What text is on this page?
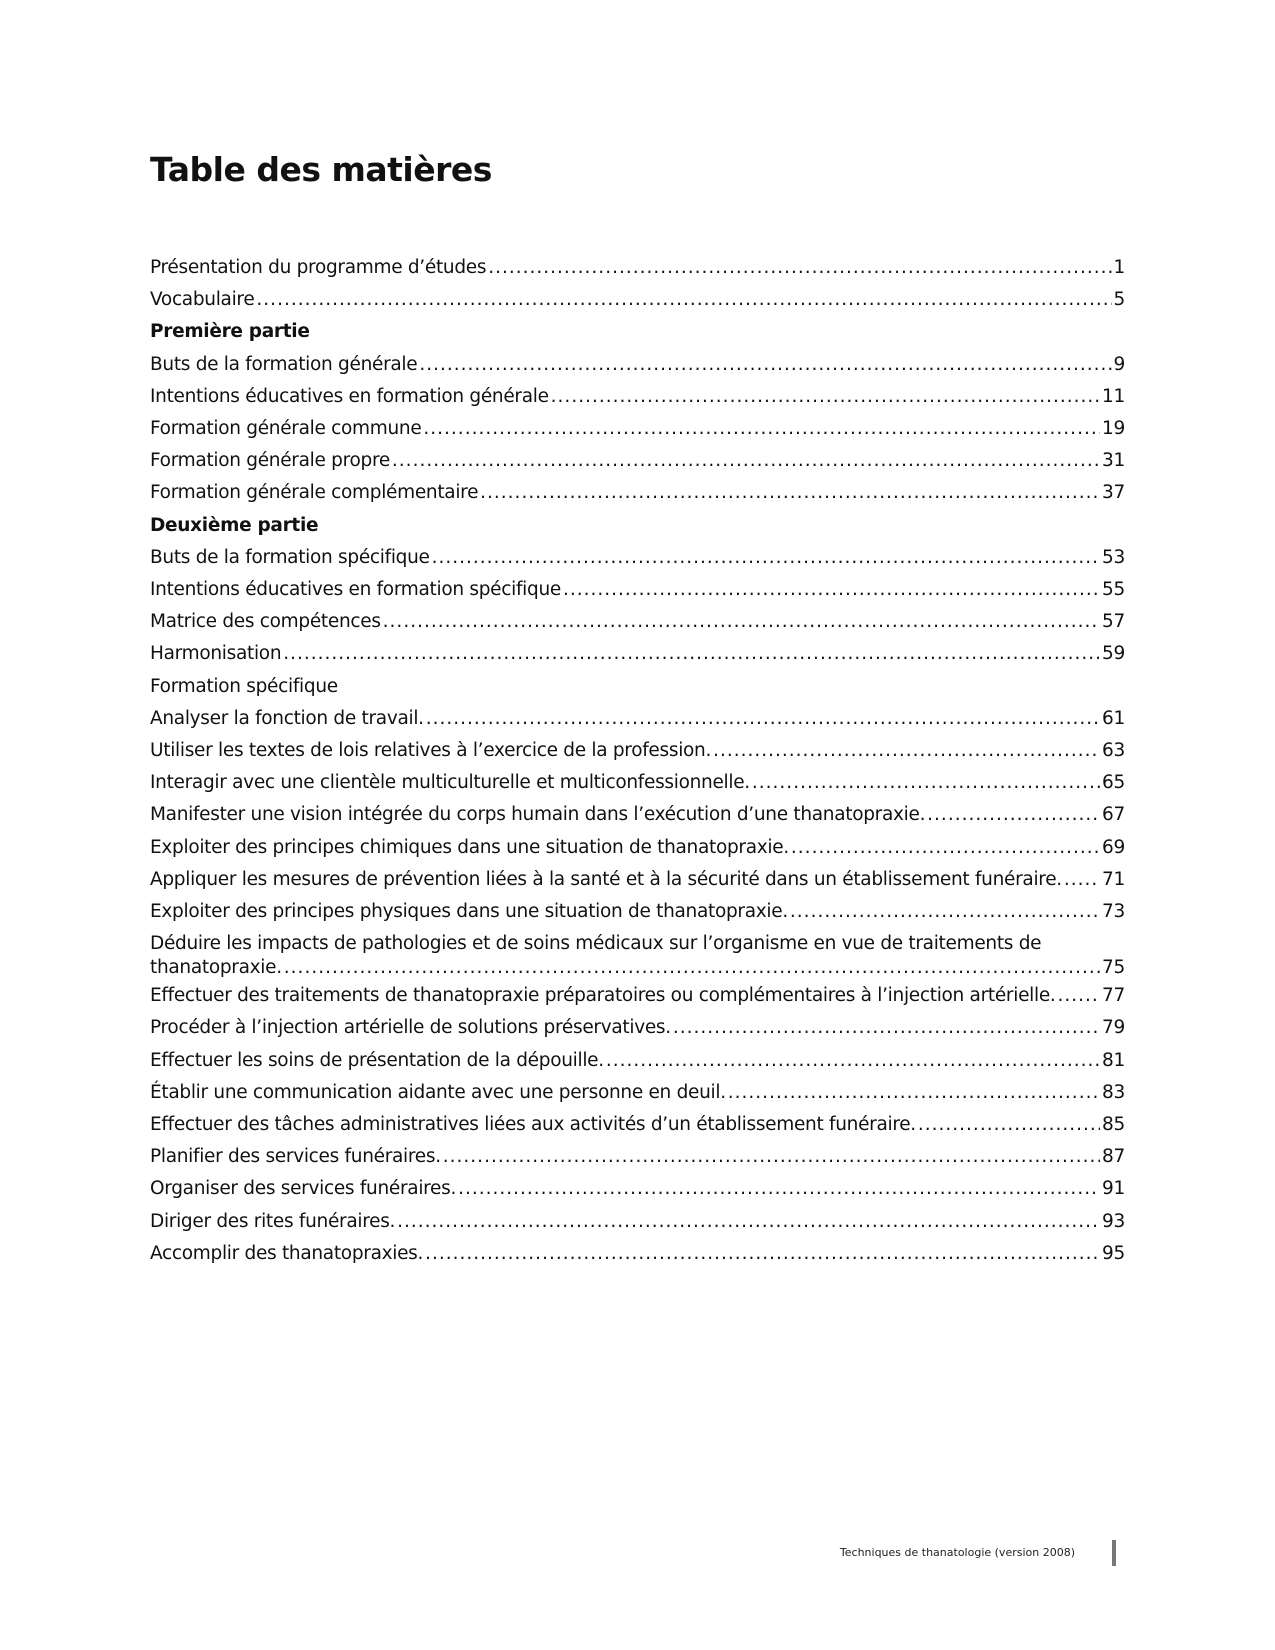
Table des matières
Présentation du programme d’études .....	1
Vocabulaire .....	5
Première partie
Buts de la formation générale .....	9
Intentions éducatives en formation générale .....	11
Formation générale commune .....	19
Formation générale propre .....	31
Formation générale complémentaire .....	37
Deuxième partie
Buts de la formation spécifique .....	53
Intentions éducatives en formation spécifique .....	55
Matrice des compétences .....	57
Harmonisation .....	59
Formation spécifique
Analyser la fonction de travail. .....	61
Utiliser les textes de lois relatives à l’exercice de la profession. .....	63
Interagir avec une clientèle multiculturelle et multiconfessionnelle. .....	65
Manifester une vision intégrée du corps humain dans l’exécution d’une thanatopraxie. .....	67
Exploiter des principes chimiques dans une situation de thanatopraxie. .....	69
Appliquer les mesures de prévention liées à la santé et à la sécurité dans un établissement funéraire. ..... 71
Exploiter des principes physiques dans une situation de thanatopraxie. .....	73
Déduire les impacts de pathologies et de soins médicaux sur l’organisme en vue de traitements de
thanatopraxie. .....	75
Effectuer des traitements de thanatopraxie préparatoires ou complémentaires à l’injection artérielle. .....	77
Procéder à l’injection artérielle de solutions préservatives. .....	79
Effectuer les soins de présentation de la dépouille. .....	81
Établir une communication aidante avec une personne en deuil. .....	83
Effectuer des tâches administratives liées aux activités d’un établissement funéraire. .....	85
Planifier des services funéraires. .....	87
Organiser des services funéraires. .....	91
Diriger des rites funéraires. .....	93
Accomplir des thanatopraxies. .....	95
Techniques de thanatologie (version 2008)
